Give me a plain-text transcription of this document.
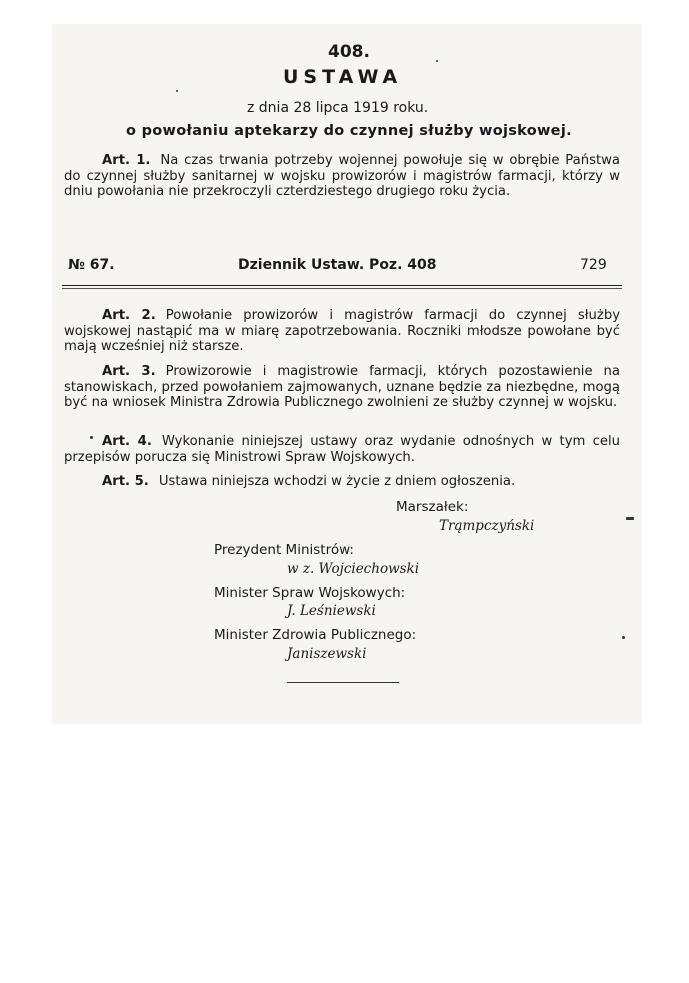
408.
USTAWA
z dnia 28 lipca 1919 roku.
o powołaniu aptekarzy do czynnej służby wojskowej.
Art. 1. Na czas trwania potrzeby wojennej powołuje się w obrębie Państwa do czynnej służby sanitarnej w wojsku prowizorów i magistrów farmacji, którzy w dniu powołania nie przekroczyli czterdziestego drugiego roku życia.
№ 67.	Dziennik Ustaw. Poz. 408	729
Art. 2. Powołanie prowizorów i magistrów farmacji do czynnej służby wojskowej nastąpić ma w miarę zapotrzebowania. Roczniki młodsze powołane być mają wcześniej niż starsze.
Art. 3. Prowizorowie i magistrowie farmacji, których pozostawienie na stanowiskach, przed powołaniem zajmowanych, uznane będzie za niezbędne, mogą być na wniosek Ministra Zdrowia Publicznego zwolnieni ze służby czynnej w wojsku.
Art. 4. Wykonanie niniejszej ustawy oraz wydanie odnośnych w tym celu przepisów porucza się Ministrowi Spraw Wojskowych.
Art. 5. Ustawa niniejsza wchodzi w życie z dniem ogłoszenia.
Marszałek:
Trąmpczyński
Prezydent Ministrów:
w z. Wojciechowski
Minister Spraw Wojskowych:
J. Leśniewski
Minister Zdrowia Publicznego:
Janiszewski
